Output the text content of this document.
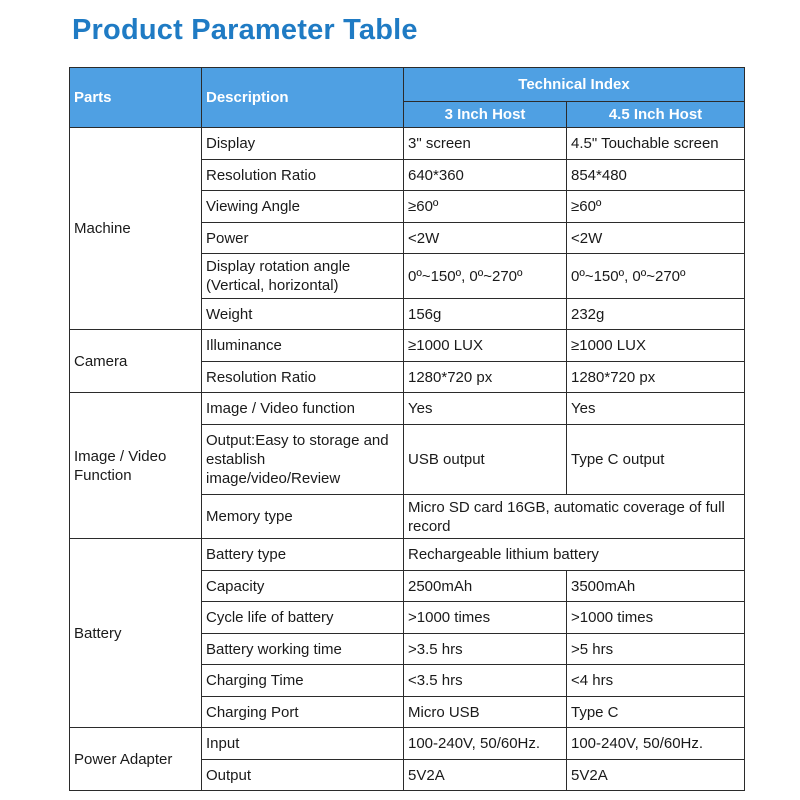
Product Parameter Table
Parts	Description	Technical Index	
		3 Inch Host	4.5 Inch Host
Machine	Display	3" screen	4.5" Touchable screen
	Resolution Ratio	640*360	854*480
	Viewing Angle	≥60º	≥60º
	Power	<2W	<2W
	Display rotation angle (Vertical, horizontal)	0º~150º, 0º~270º	0º~150º, 0º~270º
	Weight	156g	232g
Camera	Illuminance	≥1000 LUX	≥1000 LUX
	Resolution Ratio	1280*720 px	1280*720 px
Image / Video Function	Image / Video function	Yes	Yes
	Output:Easy to storage and establish image/video/Review	USB output	Type C output
	Memory type	Micro SD card 16GB, automatic coverage of full record	
Battery	Battery type	Rechargeable lithium battery	
	Capacity	2500mAh	3500mAh
	Cycle life of battery	>1000 times	>1000 times
	Battery working time	>3.5 hrs	>5 hrs
	Charging Time	<3.5 hrs	<4 hrs
	Charging Port	Micro USB	Type C
Power Adapter	Input	100-240V, 50/60Hz.	100-240V, 50/60Hz.
	Output	5V2A	5V2A
